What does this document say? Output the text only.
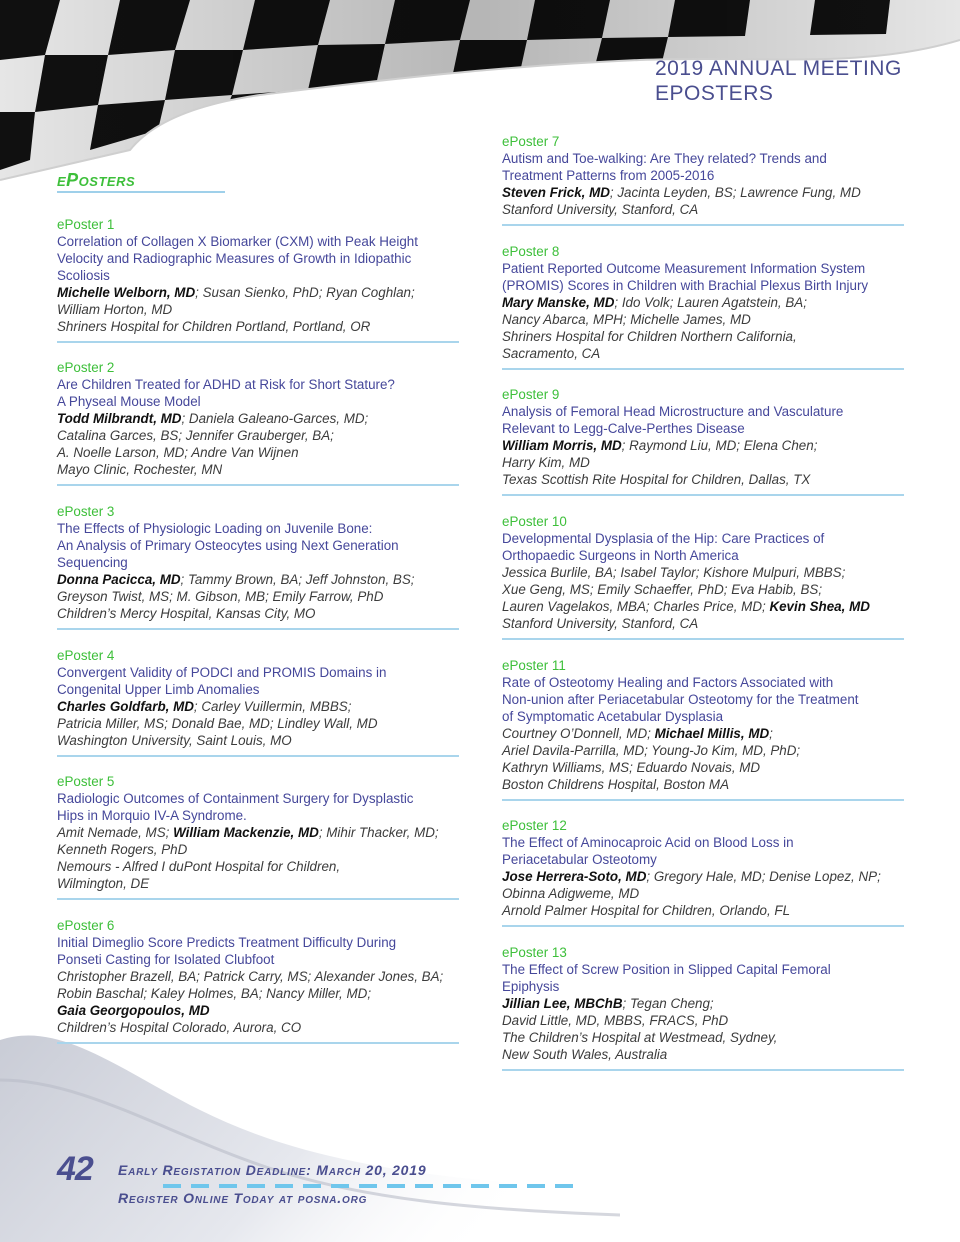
2019 ANNUAL MEETING
EPOSTERS
ePosters
ePoster 1
Correlation of Collagen X Biomarker (CXM) with Peak Height
Velocity and Radiographic Measures of Growth in Idiopathic
Scoliosis
Michelle Welborn, MD; Susan Sienko, PhD; Ryan Coghlan;
William Horton, MD
Shriners Hospital for Children Portland, Portland, OR
ePoster 2
Are Children Treated for ADHD at Risk for Short Stature?
A Physeal Mouse Model
Todd Milbrandt, MD; Daniela Galeano-Garces, MD;
Catalina Garces, BS; Jennifer Grauberger, BA;
A. Noelle Larson, MD; Andre Van Wijnen
Mayo Clinic, Rochester, MN
ePoster 3
The Effects of Physiologic Loading on Juvenile Bone:
An Analysis of Primary Osteocytes using Next Generation
Sequencing
Donna Pacicca, MD; Tammy Brown, BA; Jeff Johnston, BS;
Greyson Twist, MS; M. Gibson, MB; Emily Farrow, PhD
Children’s Mercy Hospital, Kansas City, MO
ePoster 4
Convergent Validity of PODCI and PROMIS Domains in
Congenital Upper Limb Anomalies
Charles Goldfarb, MD; Carley Vuillermin, MBBS;
Patricia Miller, MS; Donald Bae, MD; Lindley Wall, MD
Washington University, Saint Louis, MO
ePoster 5
Radiologic Outcomes of Containment Surgery for Dysplastic
Hips in Morquio IV-A Syndrome.
Amit Nemade, MS; William Mackenzie, MD; Mihir Thacker, MD;
Kenneth Rogers, PhD
Nemours - Alfred I duPont Hospital for Children,
Wilmington, DE
ePoster 6
Initial Dimeglio Score Predicts Treatment Difficulty During
Ponseti Casting for Isolated Clubfoot
Christopher Brazell, BA; Patrick Carry, MS; Alexander Jones, BA;
Robin Baschal; Kaley Holmes, BA; Nancy Miller, MD;
Gaia Georgopoulos, MD
Children’s Hospital Colorado, Aurora, CO
ePoster 7
Autism and Toe-walking: Are They related? Trends and
Treatment Patterns from 2005-2016
Steven Frick, MD; Jacinta Leyden, BS; Lawrence Fung, MD
Stanford University, Stanford, CA
ePoster 8
Patient Reported Outcome Measurement Information System
(PROMIS) Scores in Children with Brachial Plexus Birth Injury
Mary Manske, MD; Ido Volk; Lauren Agatstein, BA;
Nancy Abarca, MPH; Michelle James, MD
Shriners Hospital for Children Northern California,
Sacramento, CA
ePoster 9
Analysis of Femoral Head Microstructure and Vasculature
Relevant to Legg-Calve-Perthes Disease
William Morris, MD; Raymond Liu, MD; Elena Chen;
Harry Kim, MD
Texas Scottish Rite Hospital for Children, Dallas, TX
ePoster 10
Developmental Dysplasia of the Hip: Care Practices of
Orthopaedic Surgeons in North America
Jessica Burlile, BA; Isabel Taylor; Kishore Mulpuri, MBBS;
Xue Geng, MS; Emily Schaeffer, PhD; Eva Habib, BS;
Lauren Vagelakos, MBA; Charles Price, MD; Kevin Shea, MD
Stanford University, Stanford, CA
ePoster 11
Rate of Osteotomy Healing and Factors Associated with
Non-union after Periacetabular Osteotomy for the Treatment
of Symptomatic Acetabular Dysplasia
Courtney O’Donnell, MD; Michael Millis, MD;
Ariel Davila-Parrilla, MD; Young-Jo Kim, MD, PhD;
Kathryn Williams, MS; Eduardo Novais, MD
Boston Childrens Hospital, Boston MA
ePoster 12
The Effect of Aminocaproic Acid on Blood Loss in
Periacetabular Osteotomy
Jose Herrera-Soto, MD; Gregory Hale, MD; Denise Lopez, NP;
Obinna Adigweme, MD
Arnold Palmer Hospital for Children, Orlando, FL
ePoster 13
The Effect of Screw Position in Slipped Capital Femoral
Epiphysis
Jillian Lee, MBChB; Tegan Cheng;
David Little, MD, MBBS, FRACS, PhD
The Children’s Hospital at Westmead, Sydney,
New South Wales, Australia
42 Early Registation Deadline: March 20, 2019
Register Online Today at posna.org
